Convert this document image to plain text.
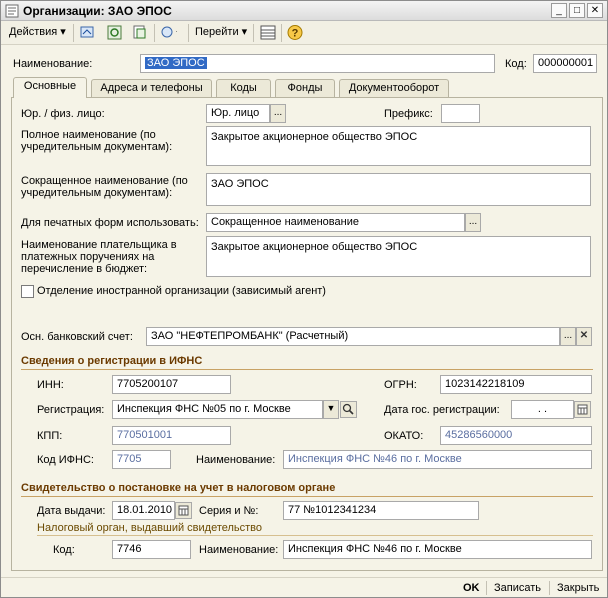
Организации: ЗАО ЭПОС	_	□	✕
Действия ▾	Перейти ▾	?
Наименование:	ЗАО ЭПОС	Код:	000000001
Основные	Адреса и телефоны	Коды	Фонды	Документооборот
Юр. / физ. лицо:	Юр. лицо	...	Префикс:
Полное наименование (по учредительным документам):
Закрытое акционерное общество ЭПОС
Сокращенное наименование (по учредительным документам):
ЗАО ЭПОС
Для печатных форм использовать:	Сокращенное наименование	...
Наименование плательщика в платежных поручениях на перечисление в бюджет:
Закрытое акционерное общество ЭПОС
Отделение иностранной организации (зависимый агент)
Осн. банковский счет:	ЗАО "НЕФТЕПРОМБАНК" (Расчетный)	... ✕
Сведения о регистрации в ИФНС
ИНН:	7705200107	ОГРН:	1023142218109
Регистрация:	Инспекция ФНС №05 по г. Москве	▼	Дата гос. регистрации:	. .
КПП:	770501001	ОКАТО:	45286560000
Код ИФНС:	7705	Наименование:	Инспекция ФНС №46 по г. Москве
Свидетельство о постановке на учет в налоговом органе
Дата выдачи:	18.01.2010 Серия и №:	77 №1012341234
Налоговый орган, выдавший свидетельство
Код:	7746	Наименование: Инспекция ФНС №46 по г. Москве
OK Записать Закрыть
